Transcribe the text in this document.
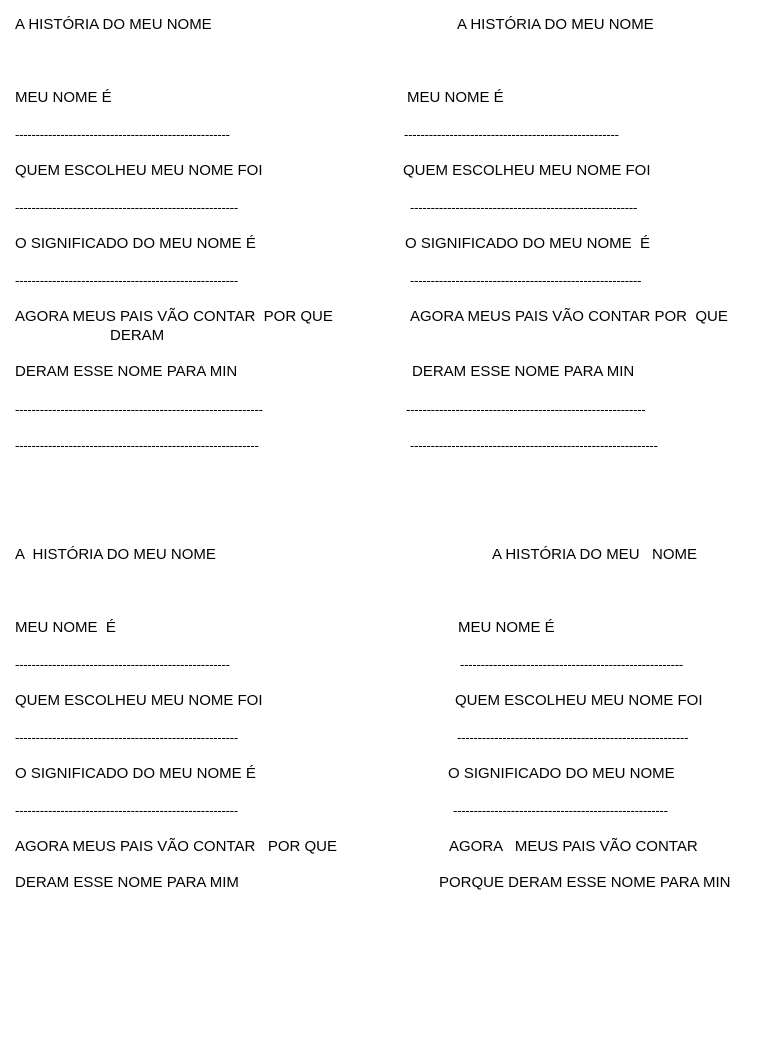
A HISTÓRIA DO MEU NOME
MEU NOME É
----------------------------------------------------
QUEM ESCOLHEU MEU NOME FOI
------------------------------------------------------
O SIGNIFICADO DO MEU NOME É
------------------------------------------------------
AGORA MEUS PAIS VÃO CONTAR  POR QUE
DERAM
DERAM ESSE NOME PARA MIN
------------------------------------------------------------
-----------------------------------------------------------
A HISTÓRIA DO MEU NOME
MEU NOME É
----------------------------------------------------
QUEM ESCOLHEU MEU NOME FOI
-------------------------------------------------------
O SIGNIFICADO DO MEU NOME  É
--------------------------------------------------------
AGORA MEUS PAIS VÃO CONTAR POR  QUE
DERAM ESSE NOME PARA MIN
----------------------------------------------------------
------------------------------------------------------------
A  HISTÓRIA DO MEU NOME
MEU NOME  É
----------------------------------------------------
QUEM ESCOLHEU MEU NOME FOI
------------------------------------------------------
O SIGNIFICADO DO MEU NOME É
------------------------------------------------------
AGORA MEUS PAIS VÃO CONTAR   POR QUE
DERAM ESSE NOME PARA MIM
A HISTÓRIA DO MEU   NOME
MEU NOME É
------------------------------------------------------
QUEM ESCOLHEU MEU NOME FOI
--------------------------------------------------------
O SIGNIFICADO DO MEU NOME
----------------------------------------------------
AGORA   MEUS PAIS VÃO CONTAR
PORQUE DERAM ESSE NOME PARA MIN
